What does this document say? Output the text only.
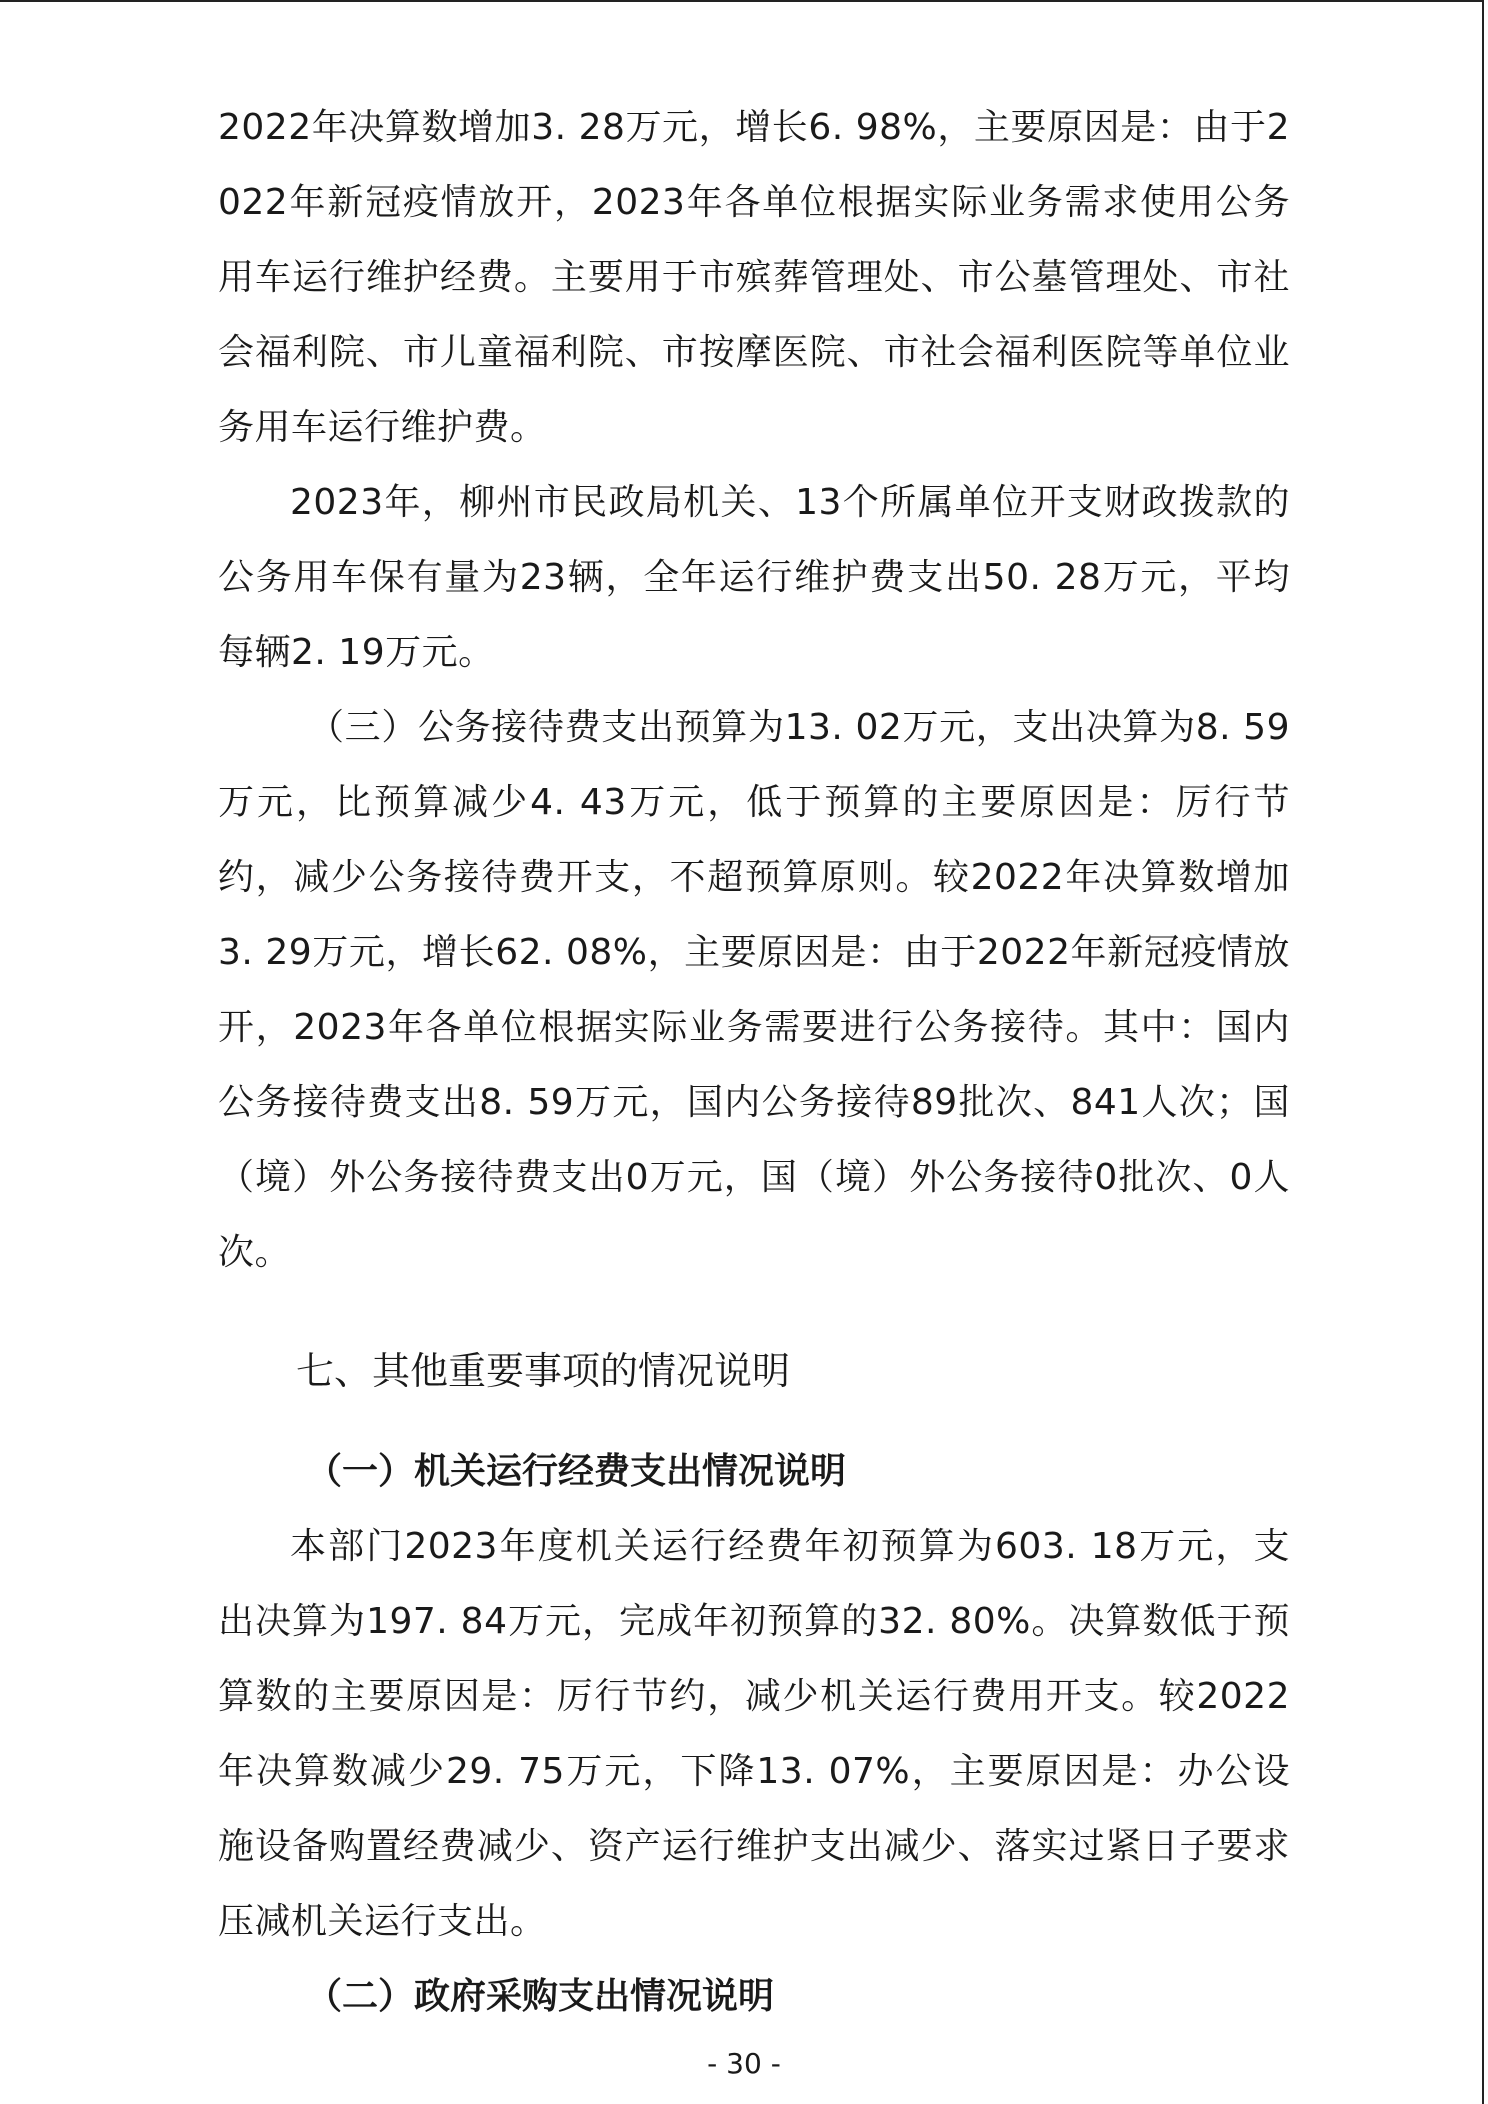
2022年决算数增加3. 28万元，增长6. 98%，主要原因是：由于2022年新冠疫情放开，2023年各单位根据实际业务需求使用公务用车运行维护经费。主要用于市殡葬管理处、市公墓管理处、市社会福利院、市儿童福利院、市按摩医院、市社会福利医院等单位业务用车运行维护费。

2023年，柳州市民政局机关、13个所属单位开支财政拨款的公务用车保有量为23辆，全年运行维护费支出50. 28万元，平均每辆2. 19万元。

（三）公务接待费支出预算为13. 02万元，支出决算为8. 59万元，比预算减少4. 43万元，低于预算的主要原因是：厉行节约，减少公务接待费开支，不超预算原则。较2022年决算数增加3. 29万元，增长62. 08%，主要原因是：由于2022年新冠疫情放开，2023年各单位根据实际业务需要进行公务接待。其中：国内公务接待费支出8. 59万元，国内公务接待89批次、841人次；国（境）外公务接待费支出0万元，国（境）外公务接待0批次、0人次。

七、其他重要事项的情况说明
（一）机关运行经费支出情况说明

本部门2023年度机关运行经费年初预算为603. 18万元，支出决算为197. 84万元，完成年初预算的32. 80%。决算数低于预算数的主要原因是：厉行节约，减少机关运行费用开支。较2022年决算数减少29. 75万元，下降13. 07%，主要原因是：办公设施设备购置经费减少、资产运行维护支出减少、落实过紧日子要求压减机关运行支出。

（二）政府采购支出情况说明
- 30 -
